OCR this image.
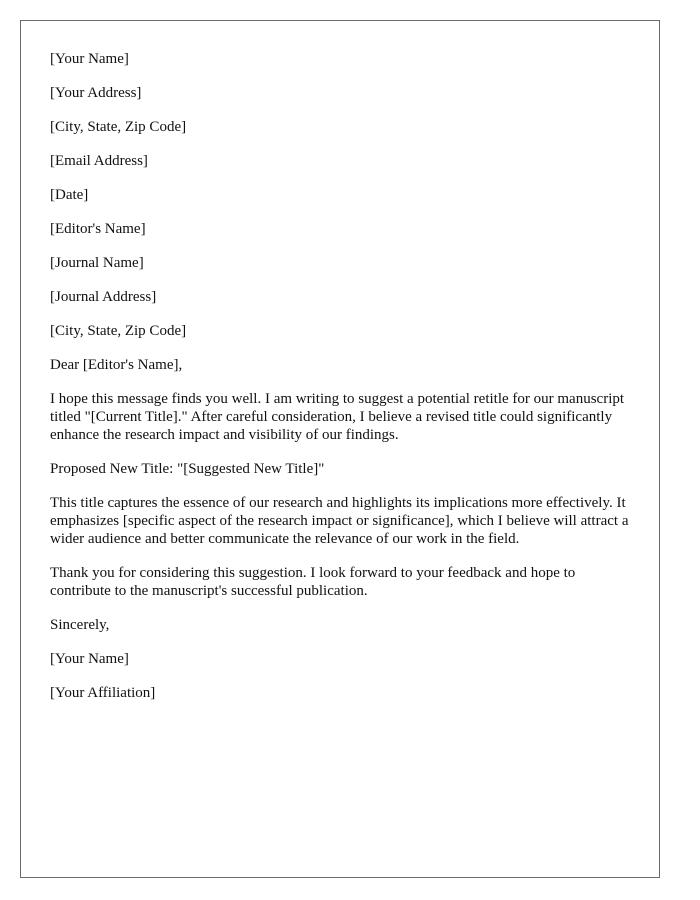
[Your Name]

[Your Address]

[City, State, Zip Code]

[Email Address]

[Date]

[Editor's Name]

[Journal Name]

[Journal Address]

[City, State, Zip Code]

Dear [Editor's Name],

I hope this message finds you well. I am writing to suggest a potential retitle for our manuscript titled "[Current Title]." After careful consideration, I believe a revised title could significantly enhance the research impact and visibility of our findings.

Proposed New Title: "[Suggested New Title]"

This title captures the essence of our research and highlights its implications more effectively. It emphasizes [specific aspect of the research impact or significance], which I believe will attract a wider audience and better communicate the relevance of our work in the field.

Thank you for considering this suggestion. I look forward to your feedback and hope to contribute to the manuscript's successful publication.

Sincerely,

[Your Name]

[Your Affiliation]
